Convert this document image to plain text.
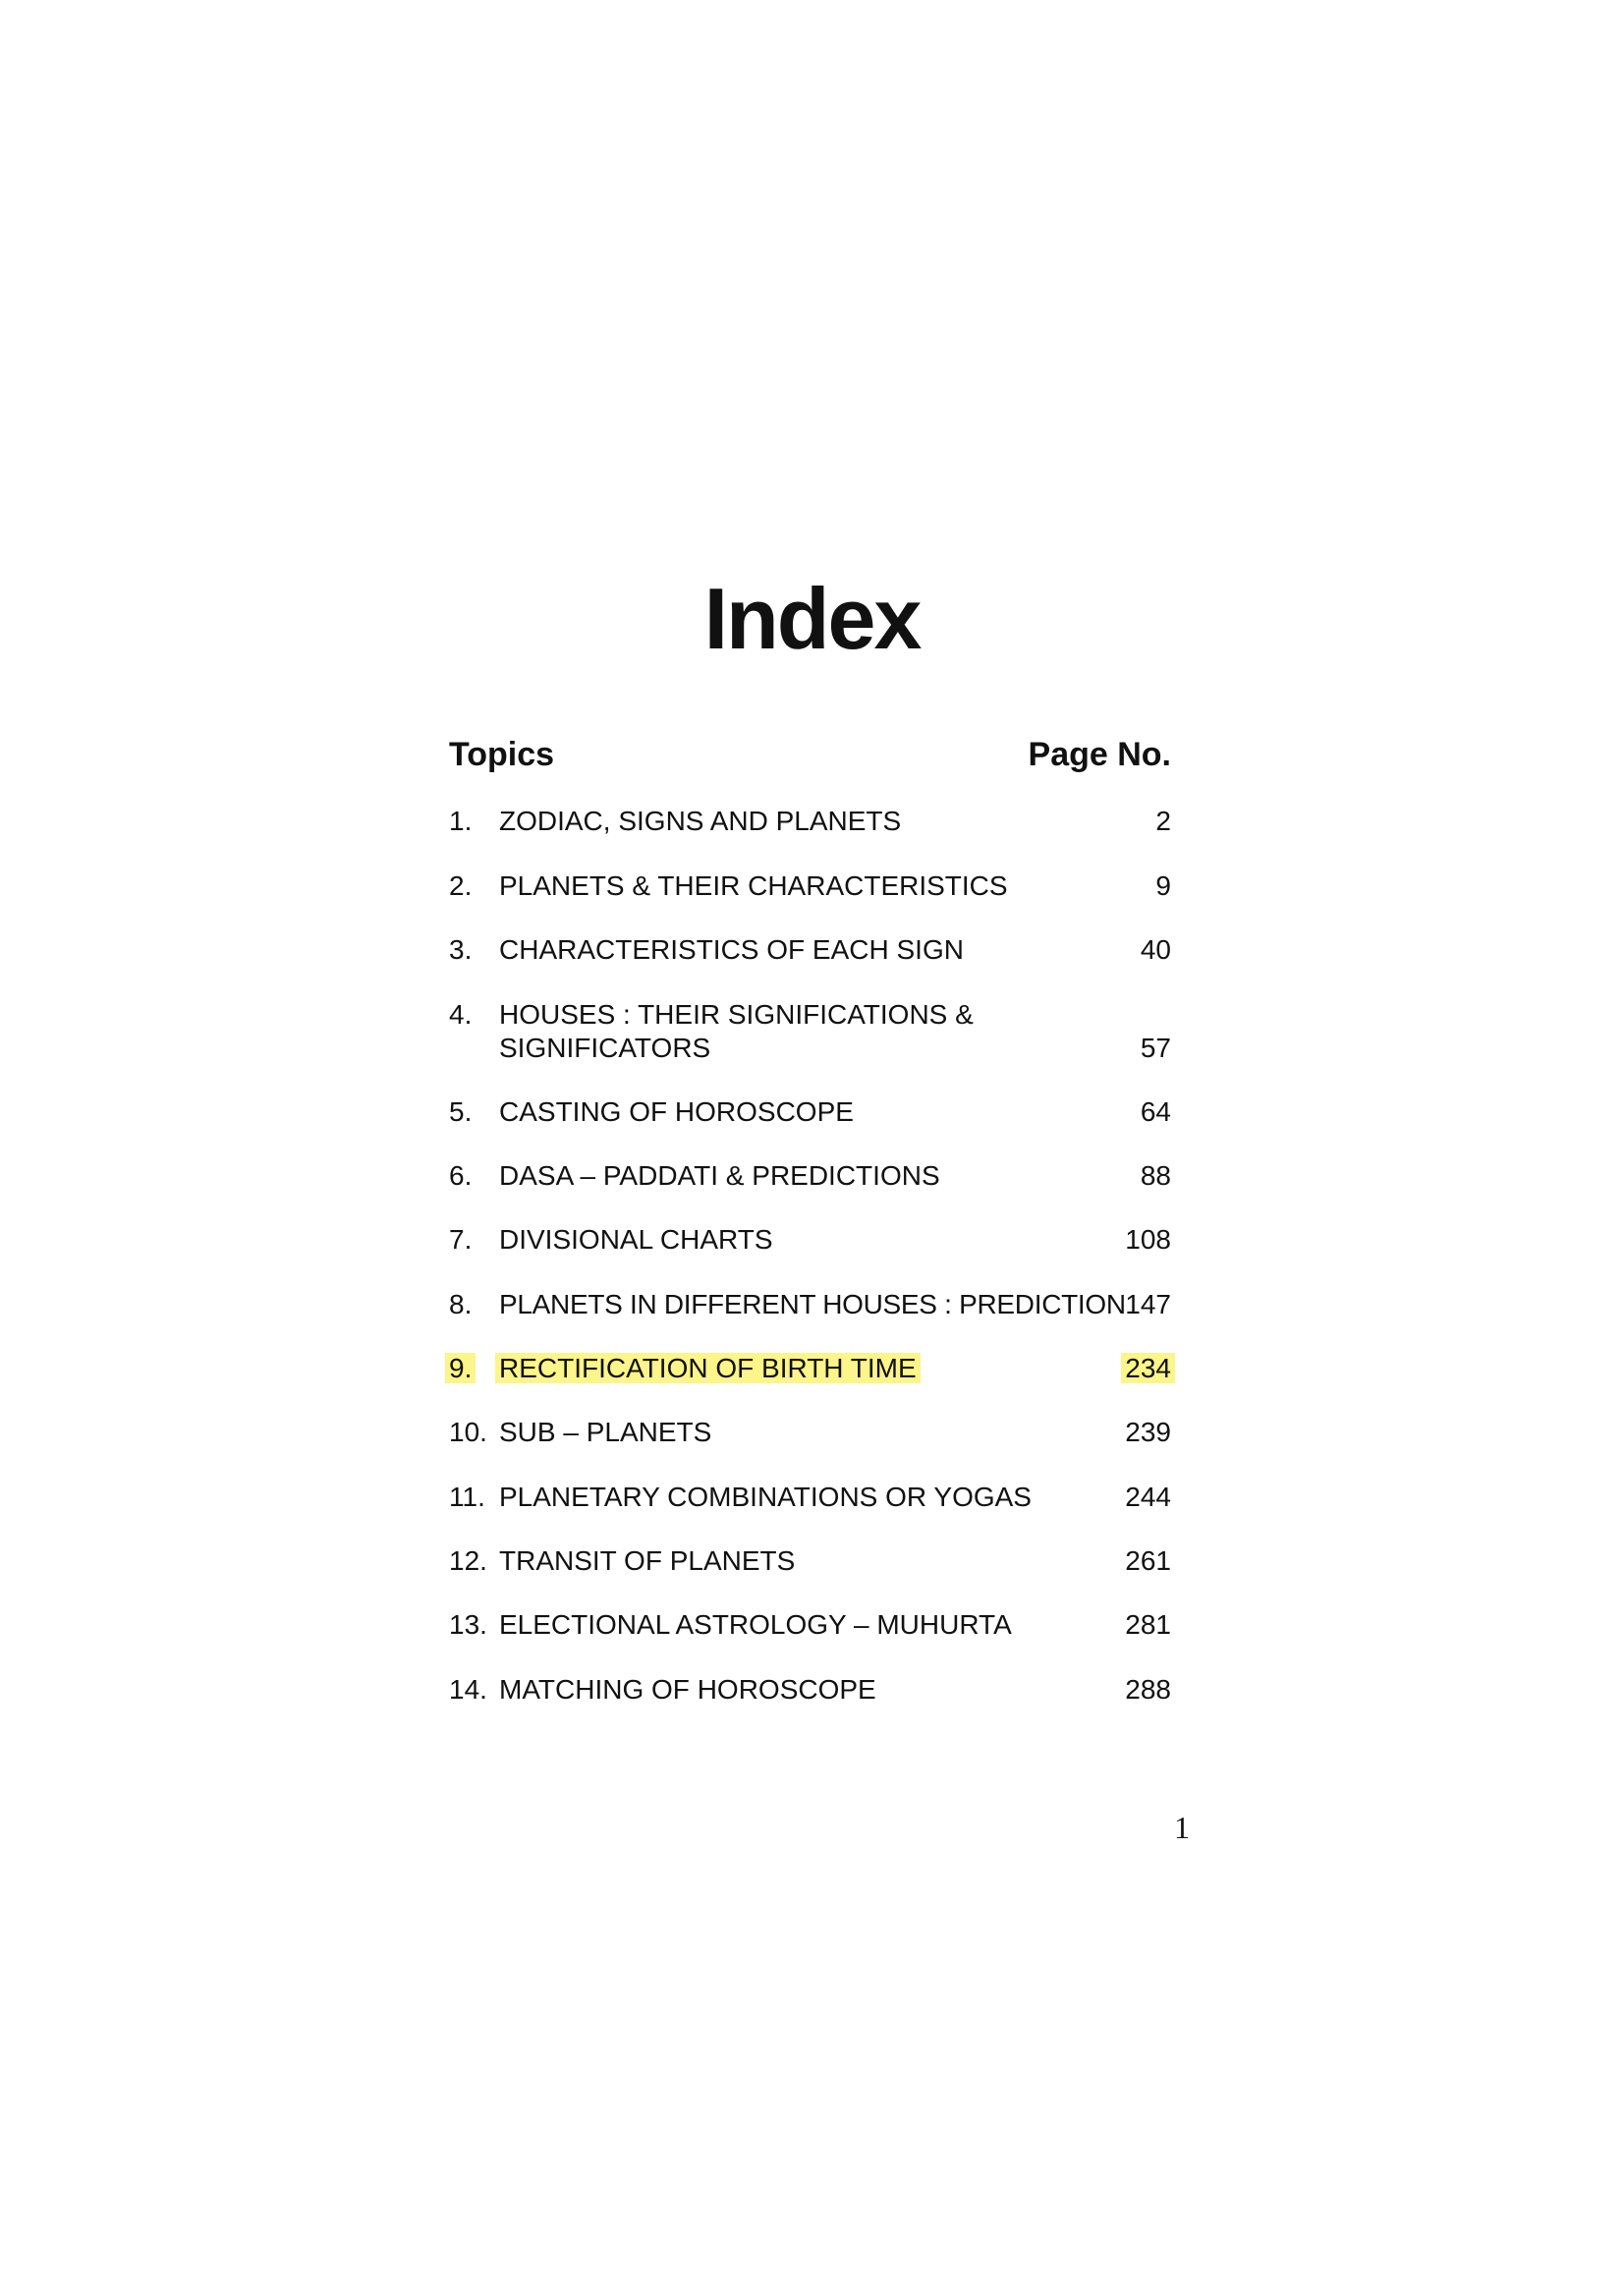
Index
Topics	Page No.
1. ZODIAC, SIGNS AND PLANETS	2
2. PLANETS & THEIR CHARACTERISTICS	9
3. CHARACTERISTICS OF EACH SIGN	40
4. HOUSES : THEIR SIGNIFICATIONS &
SIGNIFICATORS	57
5. CASTING OF HOROSCOPE	64
6. DASA – PADDATI & PREDICTIONS	88
7. DIVISIONAL CHARTS	108
8. PLANETS IN DIFFERENT HOUSES : PREDICTION 147
9. RECTIFICATION OF BIRTH TIME	234
10. SUB – PLANETS	239
11. PLANETARY COMBINATIONS OR YOGAS	244
12. TRANSIT OF PLANETS	261
13. ELECTIONAL ASTROLOGY – MUHURTA	281
14. MATCHING OF HOROSCOPE	288
1
